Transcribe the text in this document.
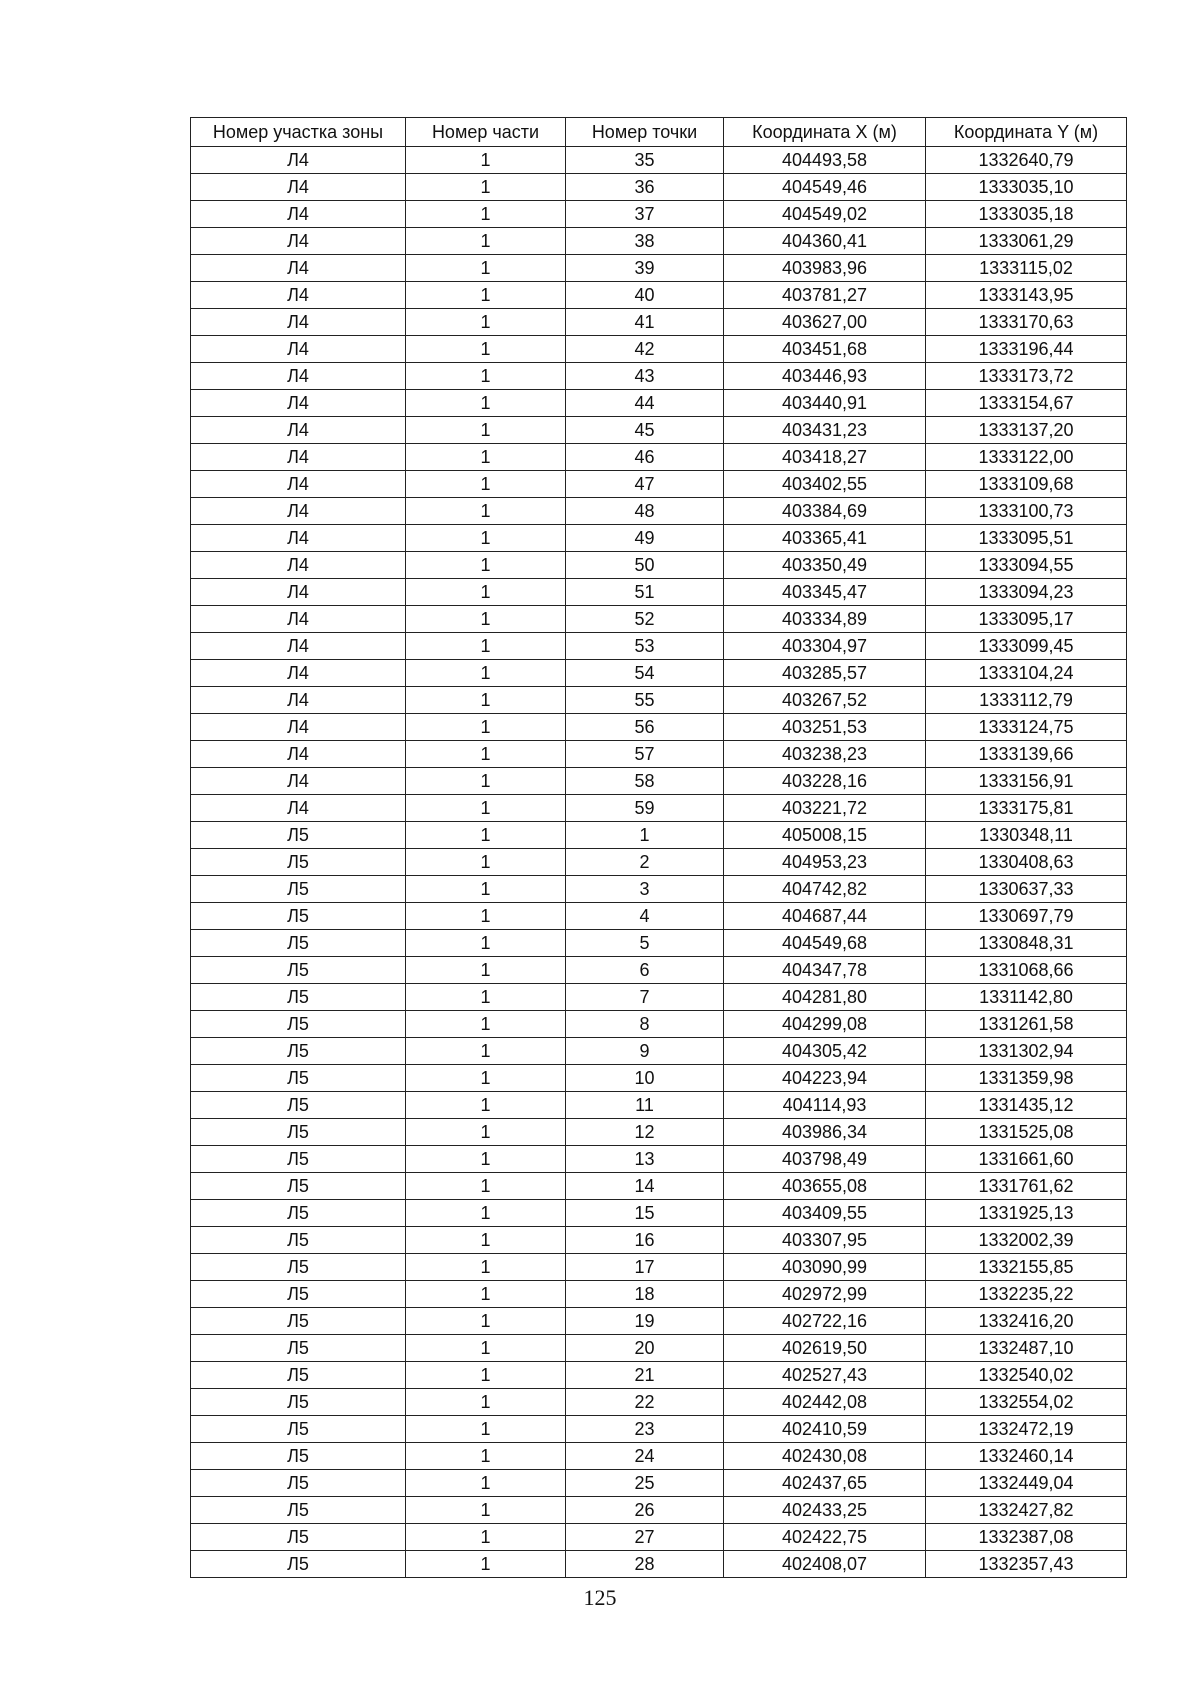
Номер участка зоны	Номер части	Номер точки	Координата X (м)	Координата Y (м)
Л4	1	35	404493,58	1332640,79
Л4	1	36	404549,46	1333035,10
Л4	1	37	404549,02	1333035,18
Л4	1	38	404360,41	1333061,29
Л4	1	39	403983,96	1333115,02
Л4	1	40	403781,27	1333143,95
Л4	1	41	403627,00	1333170,63
Л4	1	42	403451,68	1333196,44
Л4	1	43	403446,93	1333173,72
Л4	1	44	403440,91	1333154,67
Л4	1	45	403431,23	1333137,20
Л4	1	46	403418,27	1333122,00
Л4	1	47	403402,55	1333109,68
Л4	1	48	403384,69	1333100,73
Л4	1	49	403365,41	1333095,51
Л4	1	50	403350,49	1333094,55
Л4	1	51	403345,47	1333094,23
Л4	1	52	403334,89	1333095,17
Л4	1	53	403304,97	1333099,45
Л4	1	54	403285,57	1333104,24
Л4	1	55	403267,52	1333112,79
Л4	1	56	403251,53	1333124,75
Л4	1	57	403238,23	1333139,66
Л4	1	58	403228,16	1333156,91
Л4	1	59	403221,72	1333175,81
Л5	1	1	405008,15	1330348,11
Л5	1	2	404953,23	1330408,63
Л5	1	3	404742,82	1330637,33
Л5	1	4	404687,44	1330697,79
Л5	1	5	404549,68	1330848,31
Л5	1	6	404347,78	1331068,66
Л5	1	7	404281,80	1331142,80
Л5	1	8	404299,08	1331261,58
Л5	1	9	404305,42	1331302,94
Л5	1	10	404223,94	1331359,98
Л5	1	11	404114,93	1331435,12
Л5	1	12	403986,34	1331525,08
Л5	1	13	403798,49	1331661,60
Л5	1	14	403655,08	1331761,62
Л5	1	15	403409,55	1331925,13
Л5	1	16	403307,95	1332002,39
Л5	1	17	403090,99	1332155,85
Л5	1	18	402972,99	1332235,22
Л5	1	19	402722,16	1332416,20
Л5	1	20	402619,50	1332487,10
Л5	1	21	402527,43	1332540,02
Л5	1	22	402442,08	1332554,02
Л5	1	23	402410,59	1332472,19
Л5	1	24	402430,08	1332460,14
Л5	1	25	402437,65	1332449,04
Л5	1	26	402433,25	1332427,82
Л5	1	27	402422,75	1332387,08
Л5	1	28	402408,07	1332357,43
125
